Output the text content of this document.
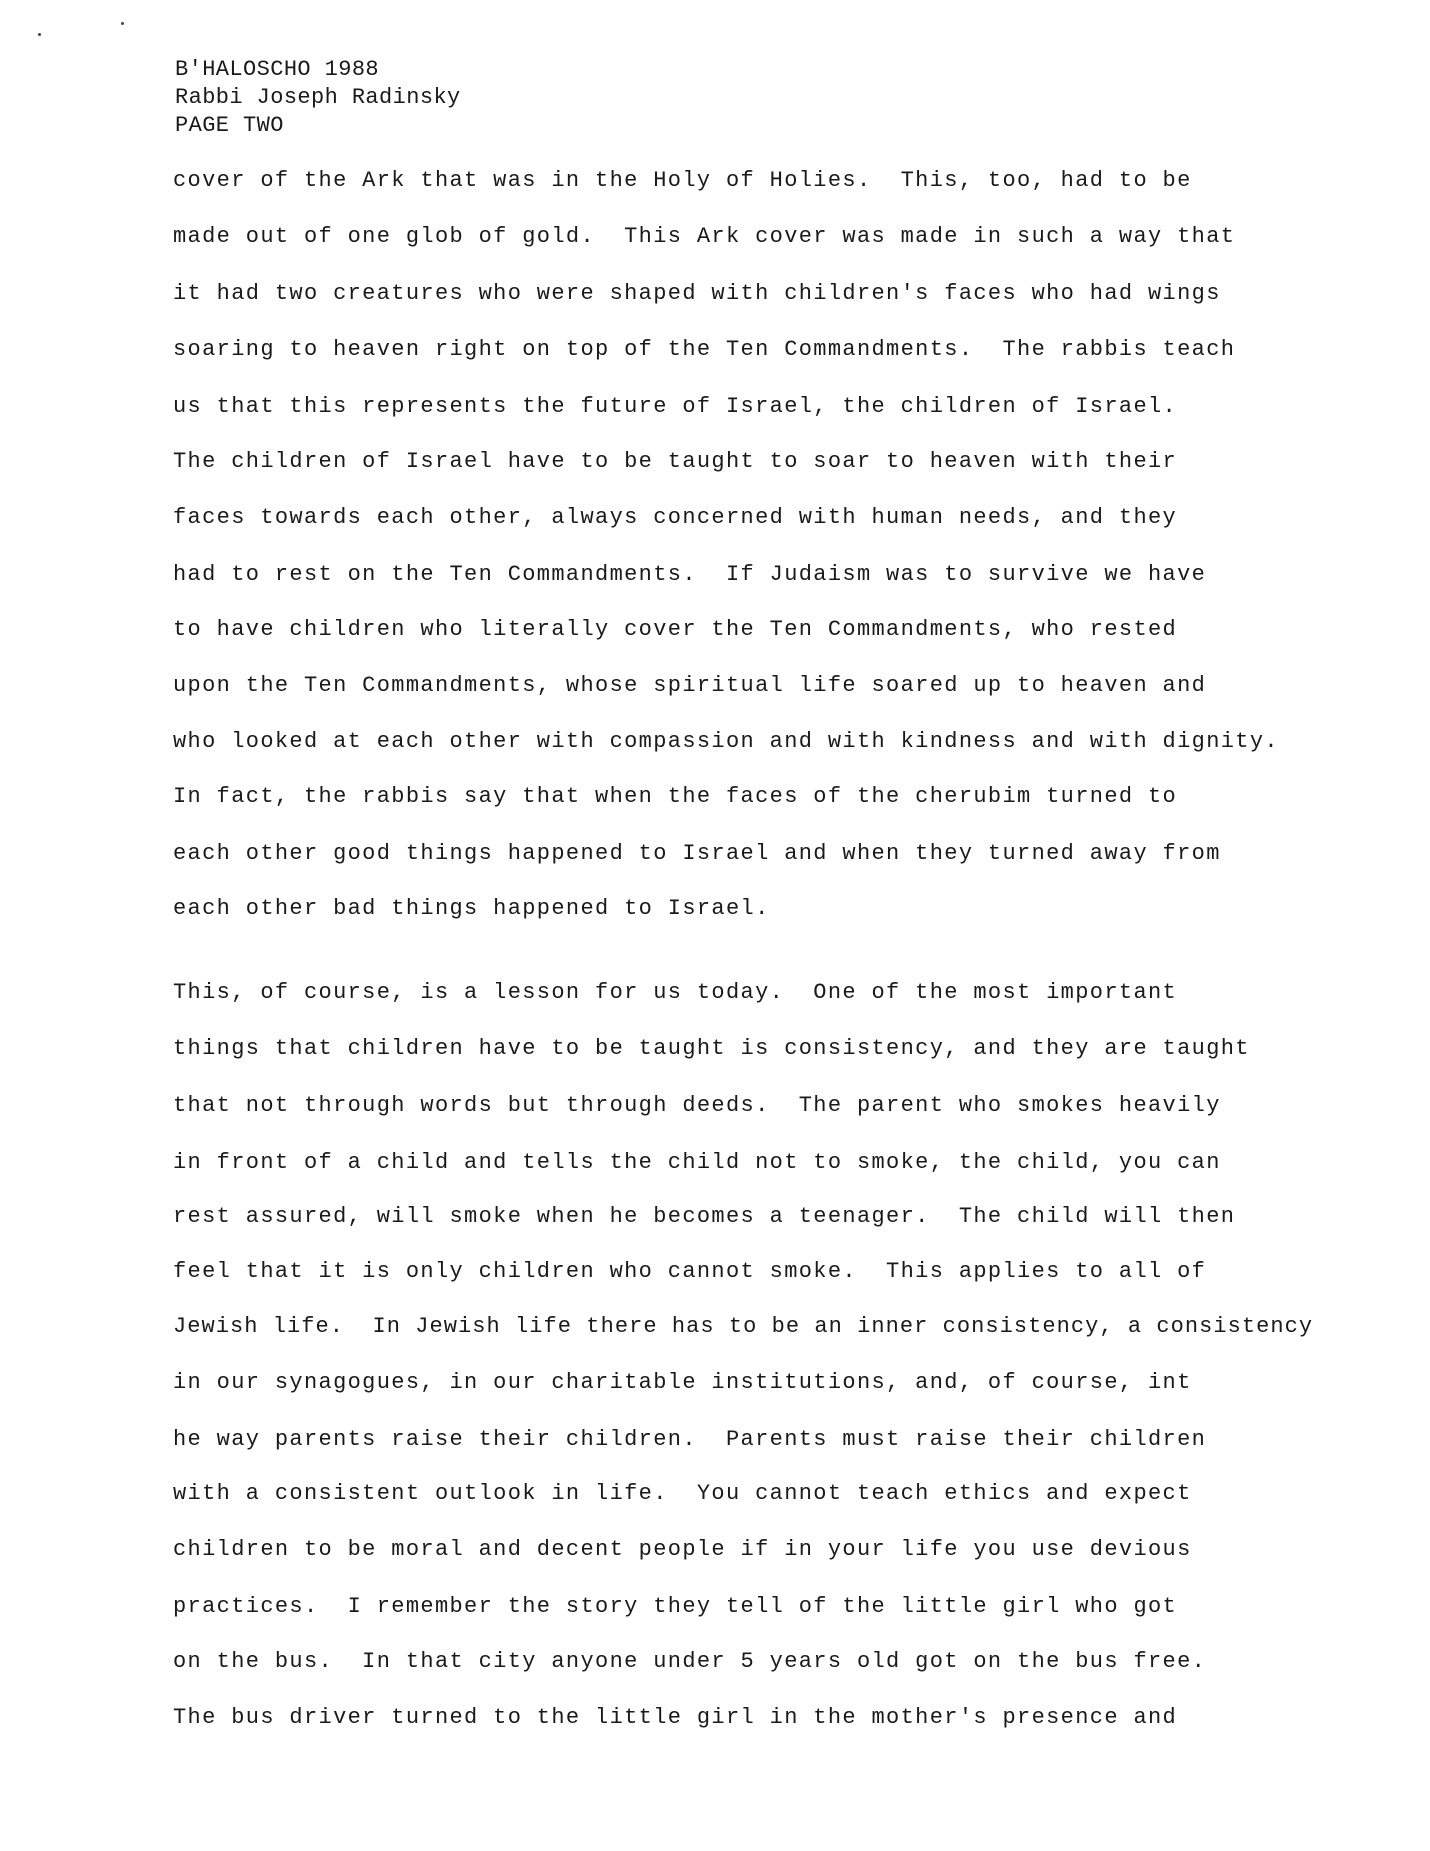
B'HALOSCHO 1988
Rabbi Joseph Radinsky
PAGE TWO
cover of the Ark that was in the Holy of Holies.  This, too, had to be
made out of one glob of gold.  This Ark cover was made in such a way that
it had two creatures who were shaped with children's faces who had wings
soaring to heaven right on top of the Ten Commandments.  The rabbis teach
us that this represents the future of Israel, the children of Israel.
The children of Israel have to be taught to soar to heaven with their
faces towards each other, always concerned with human needs, and they
had to rest on the Ten Commandments.  If Judaism was to survive we have
to have children who literally cover the Ten Commandments, who rested
upon the Ten Commandments, whose spiritual life soared up to heaven and
who looked at each other with compassion and with kindness and with dignity.
In fact, the rabbis say that when the faces of the cherubim turned to
each other good things happened to Israel and when they turned away from
each other bad things happened to Israel.
This, of course, is a lesson for us today.  One of the most important
things that children have to be taught is consistency, and they are taught
that not through words but through deeds.  The parent who smokes heavily
in front of a child and tells the child not to smoke, the child, you can
rest assured, will smoke when he becomes a teenager.  The child will then
feel that it is only children who cannot smoke.  This applies to all of
Jewish life.  In Jewish life there has to be an inner consistency, a consistency
in our synagogues, in our charitable institutions, and, of course, int
he way parents raise their children.  Parents must raise their children
with a consistent outlook in life.  You cannot teach ethics and expect
children to be moral and decent people if in your life you use devious
practices.  I remember the story they tell of the little girl who got
on the bus.  In that city anyone under 5 years old got on the bus free.
The bus driver turned to the little girl in the mother's presence and
